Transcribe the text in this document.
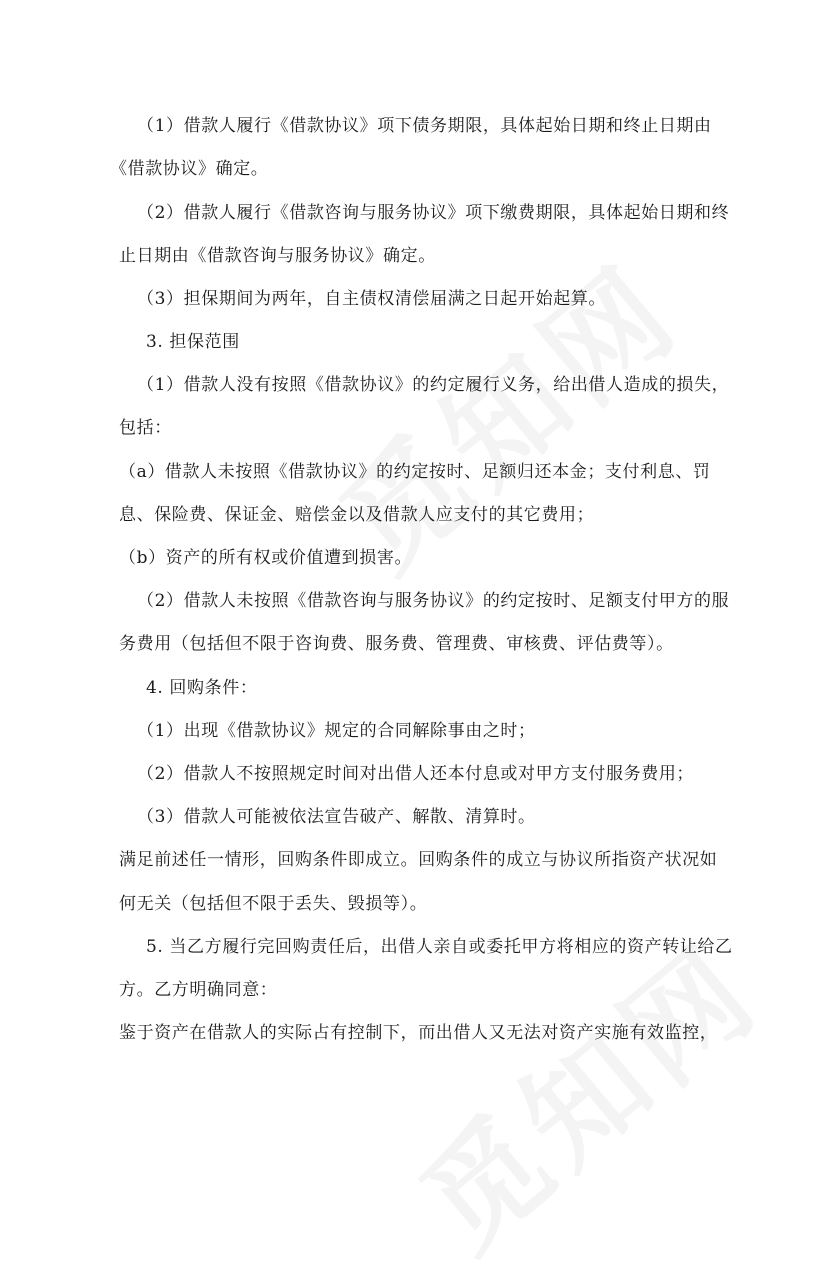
（1）借款人履行《借款协议》项下债务期限，具体起始日期和终止日期由
《借款协议》确定。
（2）借款人履行《借款咨询与服务协议》项下缴费期限，具体起始日期和终
止日期由《借款咨询与服务协议》确定。
（3）担保期间为两年，自主债权清偿届满之日起开始起算。
3. 担保范围
（1）借款人没有按照《借款协议》的约定履行义务，给出借人造成的损失，
包括：
（a）借款人未按照《借款协议》的约定按时、足额归还本金；支付利息、罚
息、保险费、保证金、赔偿金以及借款人应支付的其它费用；
（b）资产的所有权或价值遭到损害。
（2）借款人未按照《借款咨询与服务协议》的约定按时、足额支付甲方的服
务费用（包括但不限于咨询费、服务费、管理费、审核费、评估费等）。
4. 回购条件：
（1）出现《借款协议》规定的合同解除事由之时；
（2）借款人不按照规定时间对出借人还本付息或对甲方支付服务费用；
（3）借款人可能被依法宣告破产、解散、清算时。
满足前述任一情形，回购条件即成立。回购条件的成立与协议所指资产状况如
何无关（包括但不限于丢失、毁损等）。
5. 当乙方履行完回购责任后，出借人亲自或委托甲方将相应的资产转让给乙
方。乙方明确同意：
鉴于资产在借款人的实际占有控制下，而出借人又无法对资产实施有效监控，
